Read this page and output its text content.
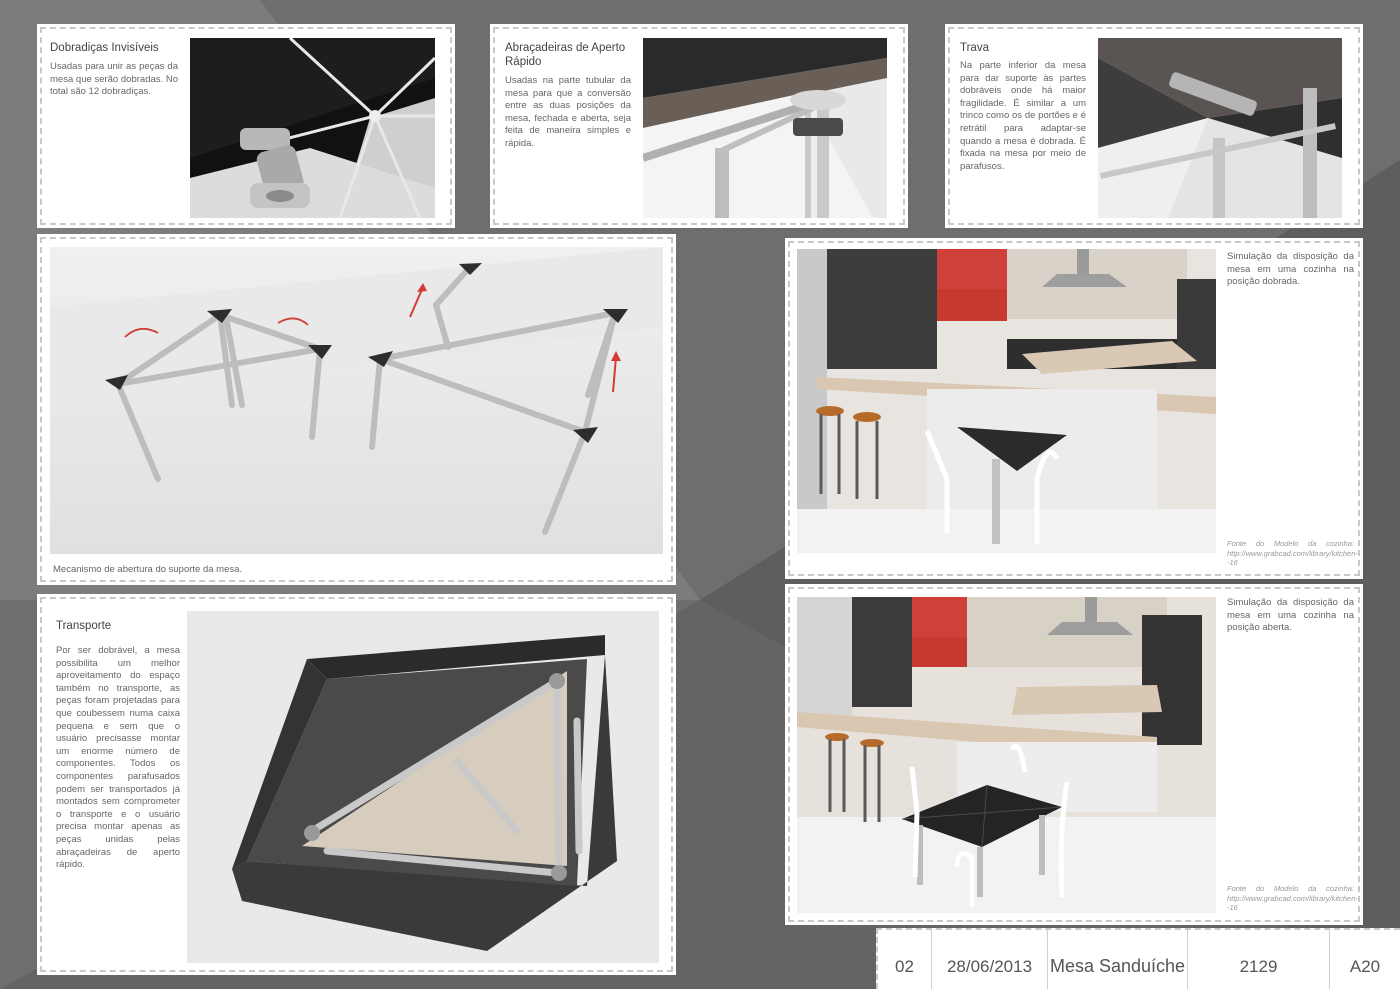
Dobradiças Invisíveis
Usadas para unir as peças da mesa que serão dobradas. No total são 12 dobradiças.
Abraçadeiras de Aperto Rápido
Usadas na parte tubular da mesa para que a conversão entre as duas posições da mesa, fechada e aberta, seja feita de maneira simples e rápida.
Trava
Na parte inferior da mesa para dar suporte às partes dobráveis onde há maior fragilidade. É similar a um trinco como os de portões e é retrátil para adaptar-se quando a mesa é dobrada. É fixada na mesa por meio de parafusos.
Mecanismo de abertura do suporte da mesa.
Simulação da disposição da mesa em uma cozinha na posição dobrada.
Fonte do Modelo da cozinha: http://www.grabcad.com/library/kitchen--16
Simulação da disposição da mesa em uma cozinha na posição aberta.
Fonte do Modelo da cozinha: http://www.grabcad.com/library/kitchen--16
Transporte
Por ser dobrável, a mesa possibilita um melhor aproveitamento do espaço também no transporte, as peças foram projetadas para que coubessem numa caixa pequena e sem que o usuário precisasse montar um enorme número de componentes. Todos os componentes parafusados podem ser transportados já montados sem comprometer o transporte e o usuário precisa montar apenas as peças unidas pelas abraçadeiras de aperto rápido.
02	28/06/2013 Mesa Sanduíche	2129	A20
